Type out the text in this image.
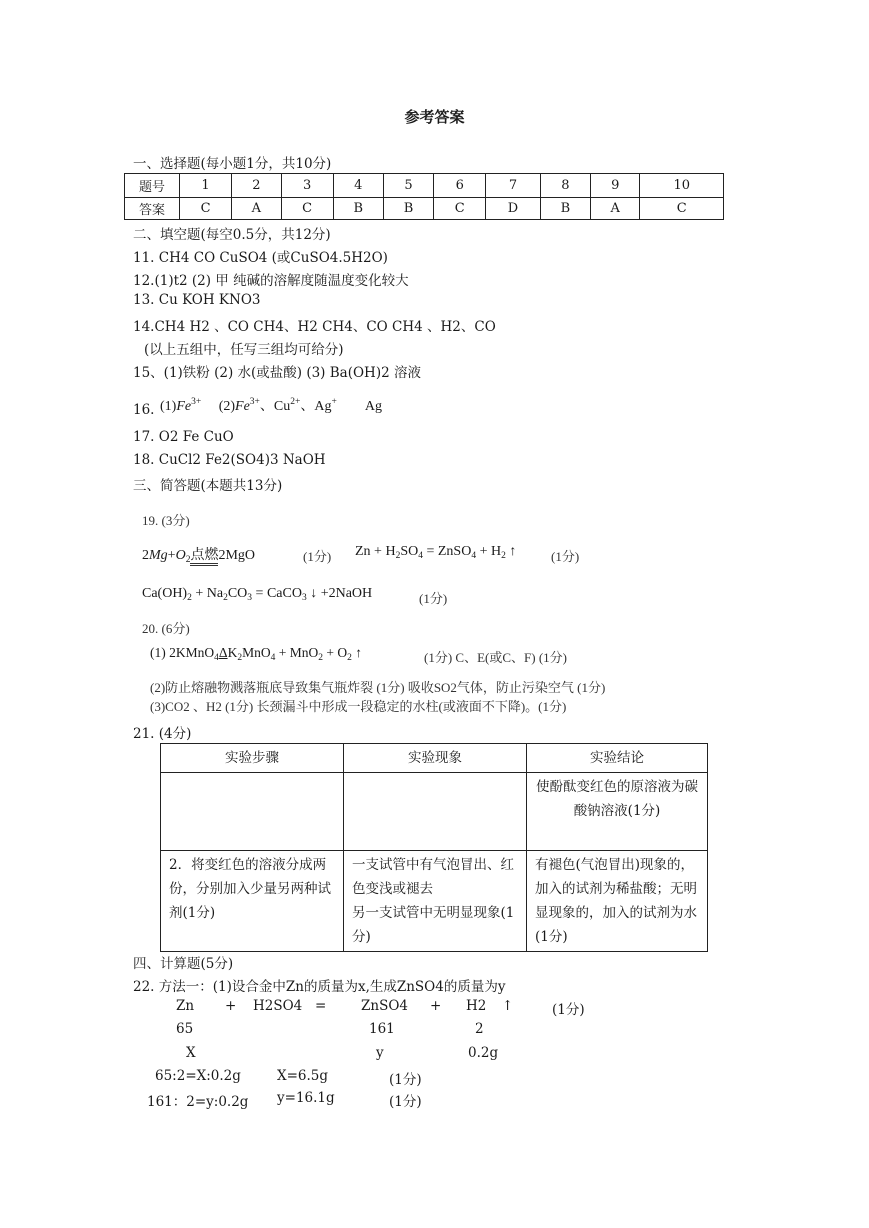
参考答案
一、选择题(每小题1分，共10分)
题号	1	2	3	4	5	6	7	8	9	10
答案	C	A	C	B	B	C	D	B	A	C
二、填空题(每空0.5分，共12分)
11. CH4 CO CuSO4 (或CuSO4.5H2O)
12.(1)t2 (2) 甲 纯碱的溶解度随温度变化较大
13. Cu KOH KNO3
14.CH4 H2 、CO CH4、H2 CH4、CO CH4 、H2、CO
(以上五组中，任写三组均可给分)
15、(1)铁粉 (2) 水(或盐酸) (3) Ba(OH)2 溶液
16. $(1)Fe^{3+}$ $(2)Fe^{3+}$、$Cu^{2+}$、Ag+ Ag
17. O2 Fe CuO
18. CuCl2 Fe2(SO4)3 NaOH
三、简答题(本题共13分)
19. (3分)
$2Mg+O_2$点燃2MgO	(1分) $Zn + H_2SO_4$ = ZnSO$_4$ + $H_2$ ↑	(1分)
$Ca(OH)_2 + Na_2CO_3$ = CaCO$_3$ ↓ +2NaOH	(1分)
20. (6分)
(1) $2KMnO_4\Delta K_2MnO_4 + MnO_2 + O_2$ ↑	(1分) C、E(或C、F) (1分)
(2)防止熔融物溅落瓶底导致集气瓶炸裂 (1分) 吸收SO2气体，防止污染空气 (1分)
(3)CO2 、H2 (1分) 长颈漏斗中形成一段稳定的水柱(或液面不下降)。(1分)
21. (4分)
实验步骤	实验现象	实验结论
		使酚酞变红色的原溶液为碳酸钠溶液(1分)
2．将变红色的溶液分成两份，分别加入少量另两种试剂(1分)	一支试管中有气泡冒出、红色变浅或褪去
另一支试管中无明显现象(1分)	有褪色(气泡冒出)现象的，加入的试剂为稀盐酸；无明显现象的，加入的试剂为水(1分)
四、计算题(5分)
22. 方法一：(1)设合金中Zn的质量为x,生成ZnSO4的质量为y
Zn + H2SO4 =	ZnSO4 + H2 ↑	(1分)
65	161	2
X	y	0.2g
65:2=X:0.2g	X=6.5g	(1分)
161：2=y:0.2g y=16.1g	(1分)
